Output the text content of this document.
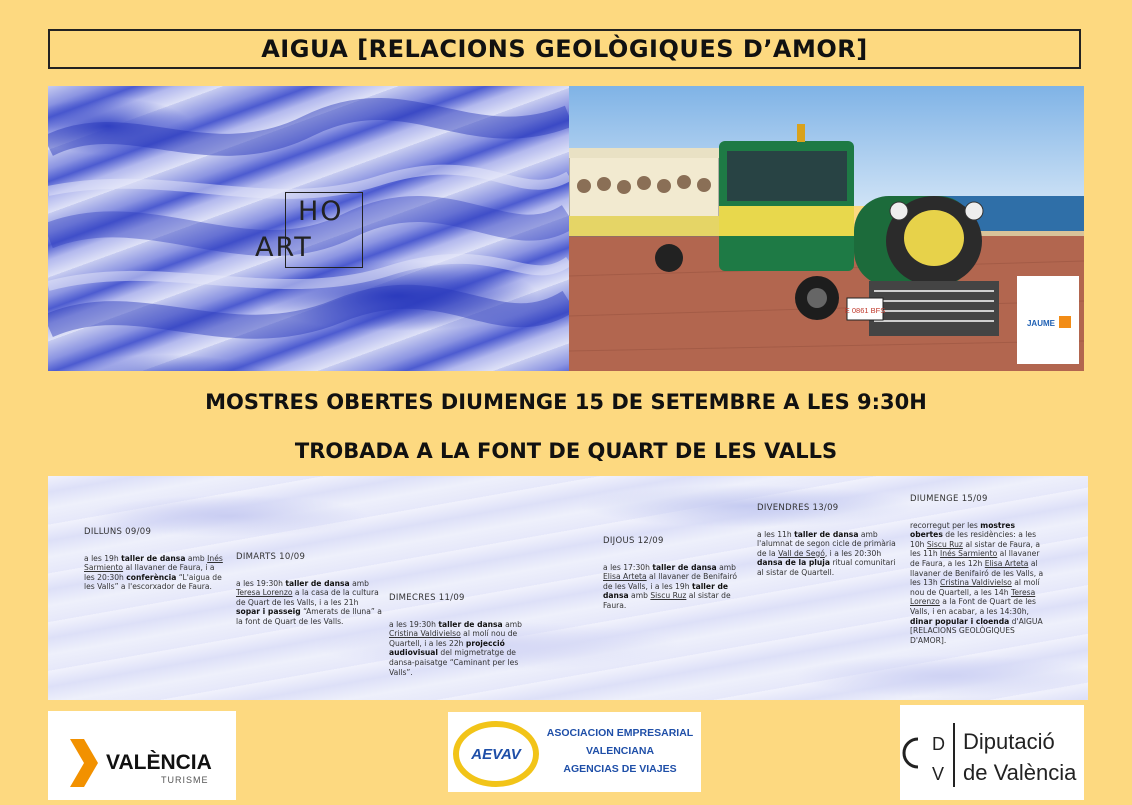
AIGUA [RELACIONS GEOLÒGIQUES D’AMOR]
HO
ART
E 0861 BFS
JAUME
MOSTRES OBERTES DIUMENGE 15 DE SETEMBRE A LES 9:30H
TROBADA A LA FONT DE QUART DE LES VALLS
DILLUNS 09/09

a les 19h taller de dansa amb Inés Sarmiento al llavaner de Faura, i a les 20:30h conferència “L'aigua de les Valls” a l'escorxador de Faura.

DIMARTS 10/09

a les 19:30h taller de dansa amb Teresa Lorenzo a la casa de la cultura de Quart de les Valls, i a les 21h sopar i passeig “Amerats de lluna” a la font de Quart de les Valls.

DIMECRES 11/09

a les 19:30h taller de dansa amb Cristina Valdivielso al molí nou de Quartell, i a les 22h projecció audiovisual del migmetratge de dansa-paisatge “Caminant per les Valls”.

DIJOUS 12/09

a les 17:30h taller de dansa amb Elisa Arteta al llavaner de Benifairó de les Valls, i a les 19h taller de dansa amb Siscu Ruz al sistar de Faura.

DIVENDRES 13/09

a les 11h taller de dansa amb l'alumnat de segon cicle de primària de la Vall de Segó, i a les 20:30h dansa de la pluja ritual comunitari al sistar de Quartell.

DIUMENGE 15/09

recorregut per les mostres obertes de les residències: a les 10h Siscu Ruz al sistar de Faura, a les 11h Inés Sarmiento al llavaner de Faura, a les 12h Elisa Arteta al llavaner de Benifairó de les Valls, a les 13h Cristina Valdivielso al molí nou de Quartell, a les 14h Teresa Lorenzo a la Font de Quart de les Valls, i en acabar, a les 14:30h, dinar popular i cloenda d'AIGUA [RELACIONS GEOLÒGIQUES D'AMOR].

VALÈNCIA
TURISME
AEVAV
ASOCIACION EMPRESARIAL
VALENCIANA
AGENCIAS DE VIAJES
D
V
Diputació
de València
